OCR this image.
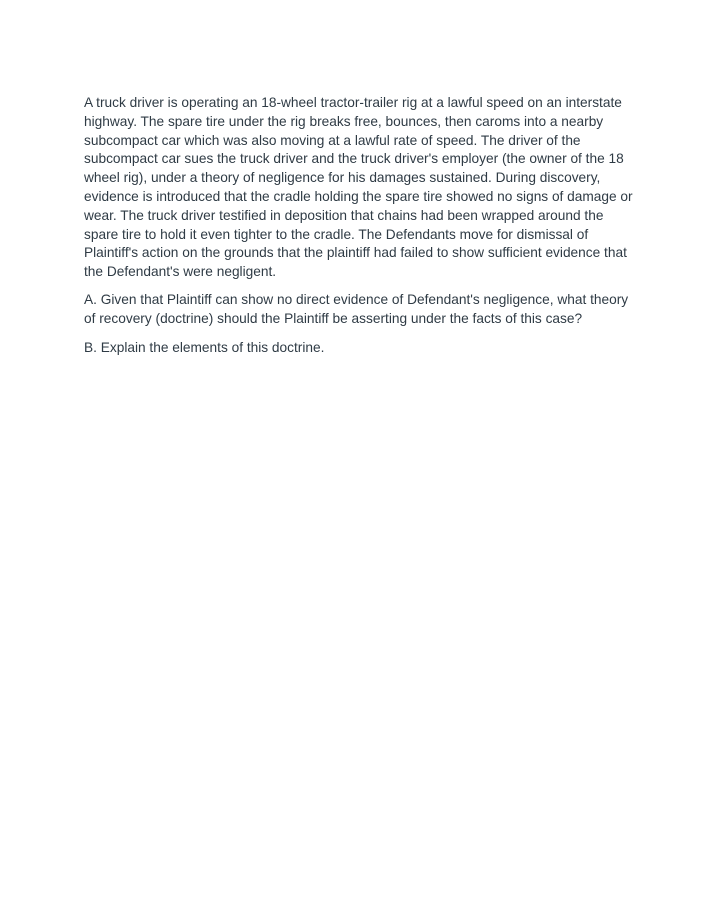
A truck driver is operating an 18-wheel tractor-trailer rig at a lawful speed on an interstate highway. The spare tire under the rig breaks free, bounces, then caroms into a nearby subcompact car which was also moving at a lawful rate of speed. The driver of the subcompact car sues the truck driver and the truck driver's employer (the owner of the 18 wheel rig), under a theory of negligence for his damages sustained. During discovery, evidence is introduced that the cradle holding the spare tire showed no signs of damage or wear. The truck driver testified in deposition that chains had been wrapped around the spare tire to hold it even tighter to the cradle. The Defendants move for dismissal of Plaintiff's action on the grounds that the plaintiff had failed to show sufficient evidence that the Defendant's were negligent.

A. Given that Plaintiff can show no direct evidence of Defendant's negligence, what theory of recovery (doctrine) should the Plaintiff be asserting under the facts of this case?

B. Explain the elements of this doctrine.
